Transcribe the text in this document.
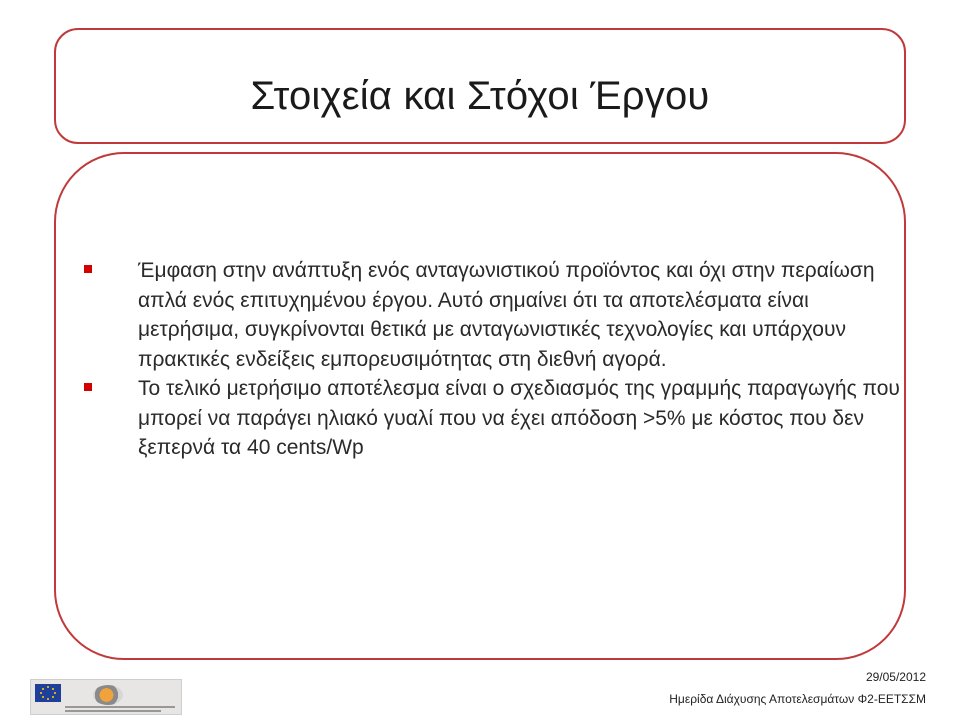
Στοιχεία και Στόχοι Έργου
Έμφαση στην ανάπτυξη ενός ανταγωνιστικού προϊόντος και όχι στην περαίωση απλά ενός επιτυχημένου έργου. Αυτό σημαίνει ότι τα αποτελέσματα είναι μετρήσιμα, συγκρίνονται θετικά με ανταγωνιστικές τεχνολογίες και υπάρχουν πρακτικές ενδείξεις εμπορευσιμότητας στη διεθνή αγορά.
Το τελικό μετρήσιμο αποτέλεσμα είναι ο σχεδιασμός της γραμμής παραγωγής που μπορεί να παράγει ηλιακό γυαλί που να έχει απόδοση >5% με κόστος που δεν ξεπερνά τα 40 cents/Wp
29/05/2012
Ημερίδα Διάχυσης Αποτελεσμάτων Φ2-ΕΕΤΣΣΜ
